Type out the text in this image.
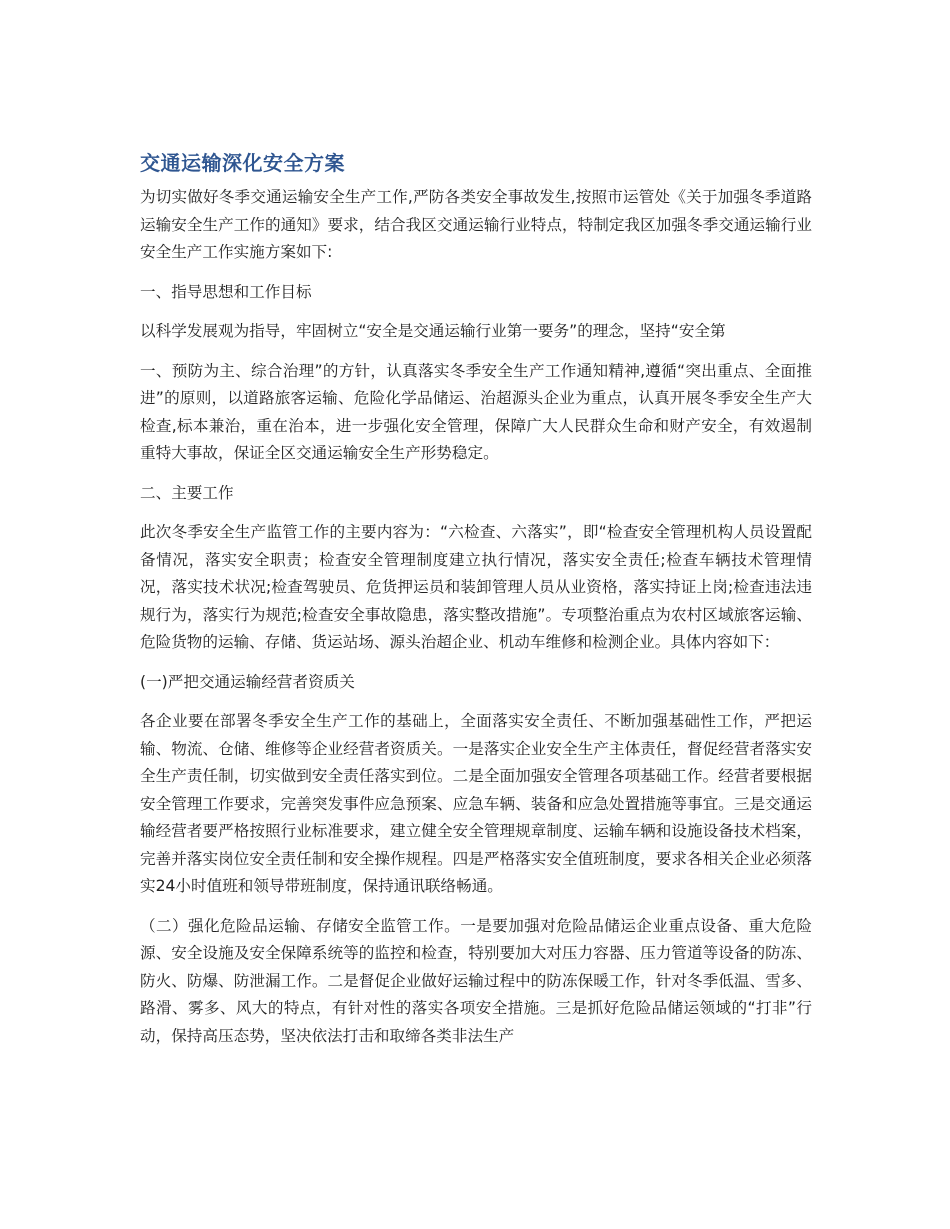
交通运输深化安全方案

为切实做好冬季交通运输安全生产工作,严防各类安全事故发生,按照市运管处《关于加强冬季道路运输安全生产工作的通知》要求，结合我区交通运输行业特点，特制定我区加强冬季交通运输行业安全生产工作实施方案如下:

一、指导思想和工作目标

以科学发展观为指导，牢固树立“安全是交通运输行业第一要务”的理念，坚持“安全第

一、预防为主、综合治理”的方针，认真落实冬季安全生产工作通知精神,遵循“突出重点、全面推进”的原则，以道路旅客运输、危险化学品储运、治超源头企业为重点，认真开展冬季安全生产大检查,标本兼治，重在治本，进一步强化安全管理，保障广大人民群众生命和财产安全，有效遏制重特大事故，保证全区交通运输安全生产形势稳定。

二、主要工作

此次冬季安全生产监管工作的主要内容为：“六检查、六落实”，即“检查安全管理机构人员设置配备情况，落实安全职责；检查安全管理制度建立执行情况，落实安全责任;检查车辆技术管理情况，落实技术状况;检查驾驶员、危货押运员和装卸管理人员从业资格，落实持证上岗;检查违法违规行为，落实行为规范;检查安全事故隐患，落实整改措施”。专项整治重点为农村区域旅客运输、危险货物的运输、存储、货运站场、源头治超企业、机动车维修和检测企业。具体内容如下：

(一)严把交通运输经营者资质关

各企业要在部署冬季安全生产工作的基础上，全面落实安全责任、不断加强基础性工作，严把运输、物流、仓储、维修等企业经营者资质关。一是落实企业安全生产主体责任，督促经营者落实安全生产责任制，切实做到安全责任落实到位。二是全面加强安全管理各项基础工作。经营者要根据安全管理工作要求，完善突发事件应急预案、应急车辆、装备和应急处置措施等事宜。三是交通运输经营者要严格按照行业标准要求，建立健全安全管理规章制度、运输车辆和设施设备技术档案，完善并落实岗位安全责任制和安全操作规程。四是严格落实安全值班制度，要求各相关企业必须落实24小时值班和领导带班制度，保持通讯联络畅通。

（二）强化危险品运输、存储安全监管工作。一是要加强对危险品储运企业重点设备、重大危险源、安全设施及安全保障系统等的监控和检查，特别要加大对压力容器、压力管道等设备的防冻、防火、防爆、防泄漏工作。二是督促企业做好运输过程中的防冻保暖工作，针对冬季低温、雪多、路滑、雾多、风大的特点，有针对性的落实各项安全措施。三是抓好危险品储运领域的“打非”行动，保持高压态势，坚决依法打击和取缔各类非法生产
